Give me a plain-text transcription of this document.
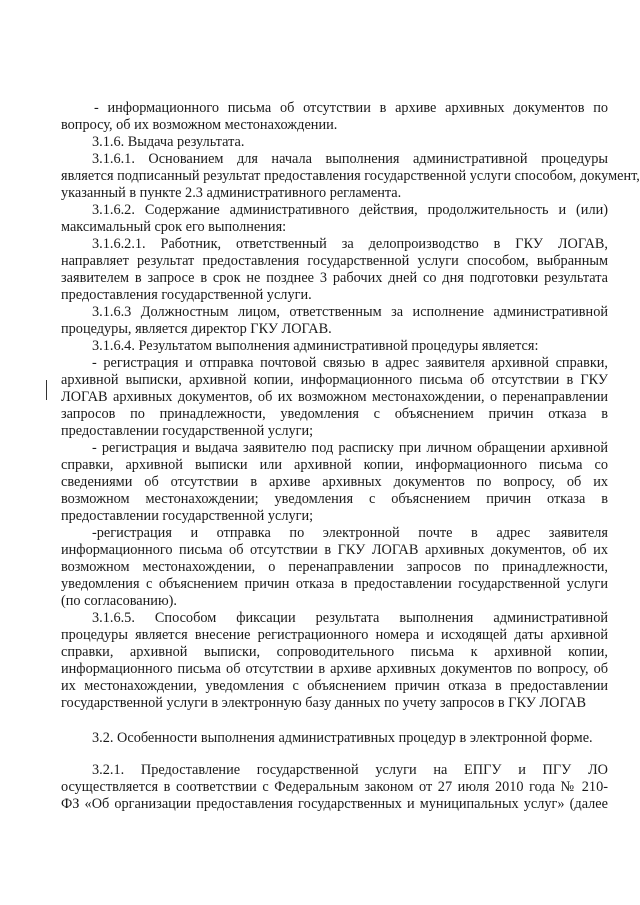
- информационного письма об отсутствии в архиве архивных документов по
вопросу, об их возможном местонахождении.
3.1.6. Выдача результата.
3.1.6.1. Основанием для начала выполнения административной процедуры
является подписанный результат предоставления государственной услуги способом, документ,
указанный в пункте 2.3 административного регламента.
3.1.6.2. Содержание административного действия, продолжительность и (или)
максимальный срок его выполнения:
3.1.6.2.1. Работник, ответственный за делопроизводство в ГКУ ЛОГАВ,
направляет результат предоставления государственной услуги способом, выбранным
заявителем в запросе в срок не позднее 3 рабочих дней со дня подготовки результата
предоставления государственной услуги.
3.1.6.3 Должностным лицом, ответственным за исполнение административной
процедуры, является директор ГКУ ЛОГАВ.
3.1.6.4. Результатом выполнения административной процедуры является:
- регистрация и отправка почтовой связью в адрес заявителя архивной справки,
архивной выписки, архивной копии, информационного письма об отсутствии в ГКУ
ЛОГАВ архивных документов, об их возможном местонахождении, о перенаправлении
запросов по принадлежности, уведомления с объяснением причин отказа в
предоставлении государственной услуги;
- регистрация и выдача заявителю под расписку при личном обращении архивной
справки, архивной выписки или архивной копии, информационного письма со
сведениями об отсутствии в архиве архивных документов по вопросу, об их
возможном местонахождении; уведомления с объяснением причин отказа в
предоставлении государственной услуги;
-регистрация и отправка по электронной почте в адрес заявителя
информационного письма об отсутствии в ГКУ ЛОГАВ архивных документов, об их
возможном местонахождении, о перенаправлении запросов по принадлежности,
уведомления с объяснением причин отказа в предоставлении государственной услуги
(по согласованию).
3.1.6.5. Способом фиксации результата выполнения административной
процедуры является внесение регистрационного номера и исходящей даты архивной
справки, архивной выписки, сопроводительного письма к архивной копии,
информационного письма об отсутствии в архиве архивных документов по вопросу, об
их местонахождении, уведомления с объяснением причин отказа в предоставлении
государственной услуги в электронную базу данных по учету запросов в ГКУ ЛОГАВ
3.2. Особенности выполнения административных процедур в электронной форме.
3.2.1. Предоставление государственной услуги на ЕПГУ и ПГУ ЛО
осуществляется в соответствии с Федеральным законом от 27 июля 2010 года № 210-
ФЗ «Об организации предоставления государственных и муниципальных услуг» (далее
